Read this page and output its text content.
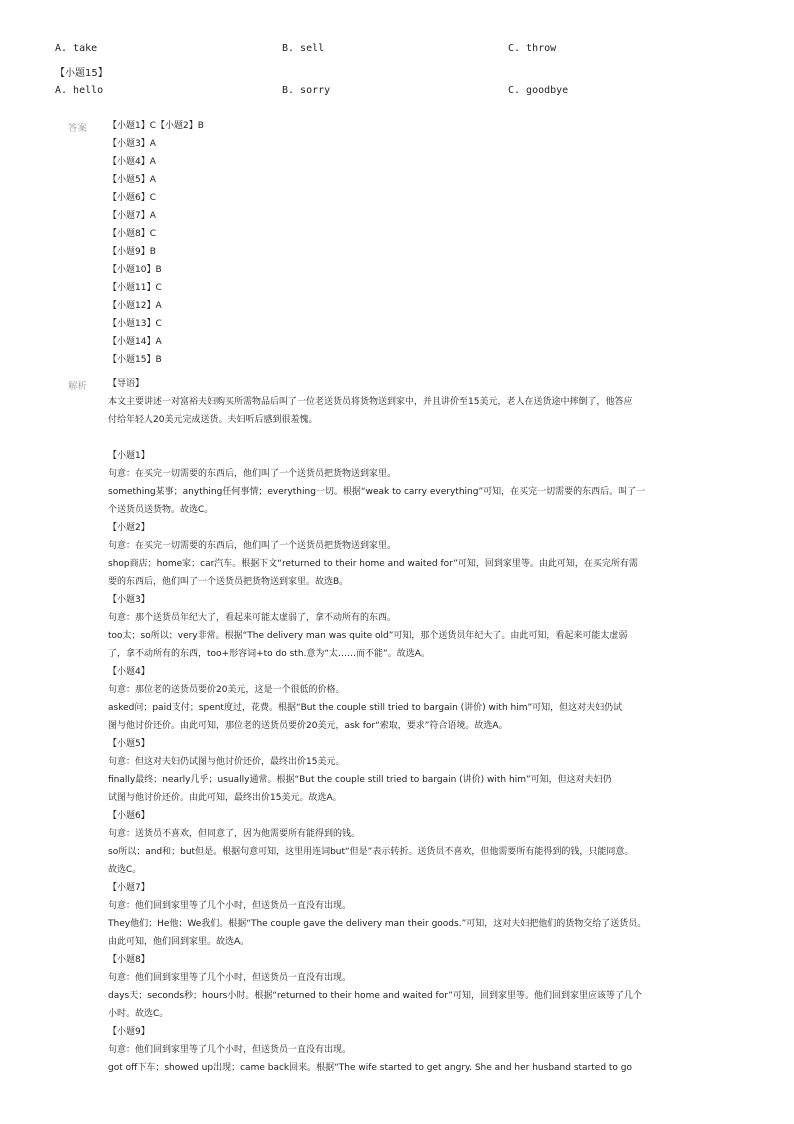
A. take	B. sell	C. throw
【小题15】
A. hello	B. sorry	C. goodbye
答案 【小题1】C【小题2】B
【小题3】A
【小题4】A
【小题5】A
【小题6】C
【小题7】A
【小题8】C
【小题9】B
【小题10】B
【小题11】C
【小题12】A
【小题13】C
【小题14】A
【小题15】B
解析 【导语】
本文主要讲述一对富裕夫妇购买所需物品后叫了一位老送货员将货物送到家中，并且讲价至15美元，老人在送货途中摔倒了，他答应
付给年轻人20美元完成送货。夫妇听后感到很羞愧。
【小题1】
句意：在买完一切需要的东西后，他们叫了一个送货员把货物送到家里。
something某事；anything任何事情；everything一切。根据“weak to carry everything”可知，在买完一切需要的东西后。叫了一
个送货员送货物。故选C。
【小题2】
句意：在买完一切需要的东西后，他们叫了一个送货员把货物送到家里。
shop商店；home家；car汽车。根据下文“returned to their home and waited for”可知，回到家里等。由此可知，在买完所有需
要的东西后，他们叫了一个送货员把货物送到家里。故选B。
【小题3】
句意：那个送货员年纪大了，看起来可能太虚弱了，拿不动所有的东西。
too太；so所以；very非常。根据“The delivery man was quite old”可知，那个送货员年纪大了。由此可知，看起来可能太虚弱
了，拿不动所有的东西，too+形容词+to do sth.意为“太……而不能”。故选A。
【小题4】
句意：那位老的送货员要价20美元，这是一个很低的价格。
asked问；paid支付；spent度过，花费。根据“But the couple still tried to bargain (讲价) with him”可知，但这对夫妇仍试
图与他讨价还价。由此可知，那位老的送货员要价20美元，ask for“索取，要求”符合语境。故选A。
【小题5】
句意：但这对夫妇仍试图与他讨价还价，最终出价15美元。
finally最终；nearly几乎；usually通常。根据“But the couple still tried to bargain (讲价) with him”可知，但这对夫妇仍
试图与他讨价还价。由此可知，最终出价15美元。故选A。
【小题6】
句意：送货员不喜欢，但同意了，因为他需要所有能得到的钱。
so所以；and和；but但是。根据句意可知，这里用连词but“但是”表示转折。送货员不喜欢，但他需要所有能得到的钱，只能同意。
故选C。
【小题7】
句意：他们回到家里等了几个小时，但送货员一直没有出现。
They他们；He他；We我们。根据“The couple gave the delivery man their goods.”可知，这对夫妇把他们的货物交给了送货员。
由此可知，他们回到家里。故选A。
【小题8】
句意：他们回到家里等了几个小时，但送货员一直没有出现。
days天；seconds秒；hours小时。根据“returned to their home and waited for”可知，回到家里等。他们回到家里应该等了几个
小时。故选C。
【小题9】
句意：他们回到家里等了几个小时，但送货员一直没有出现。
got off下车；showed up出现；came back回来。根据“The wife started to get angry. She and her husband started to go
